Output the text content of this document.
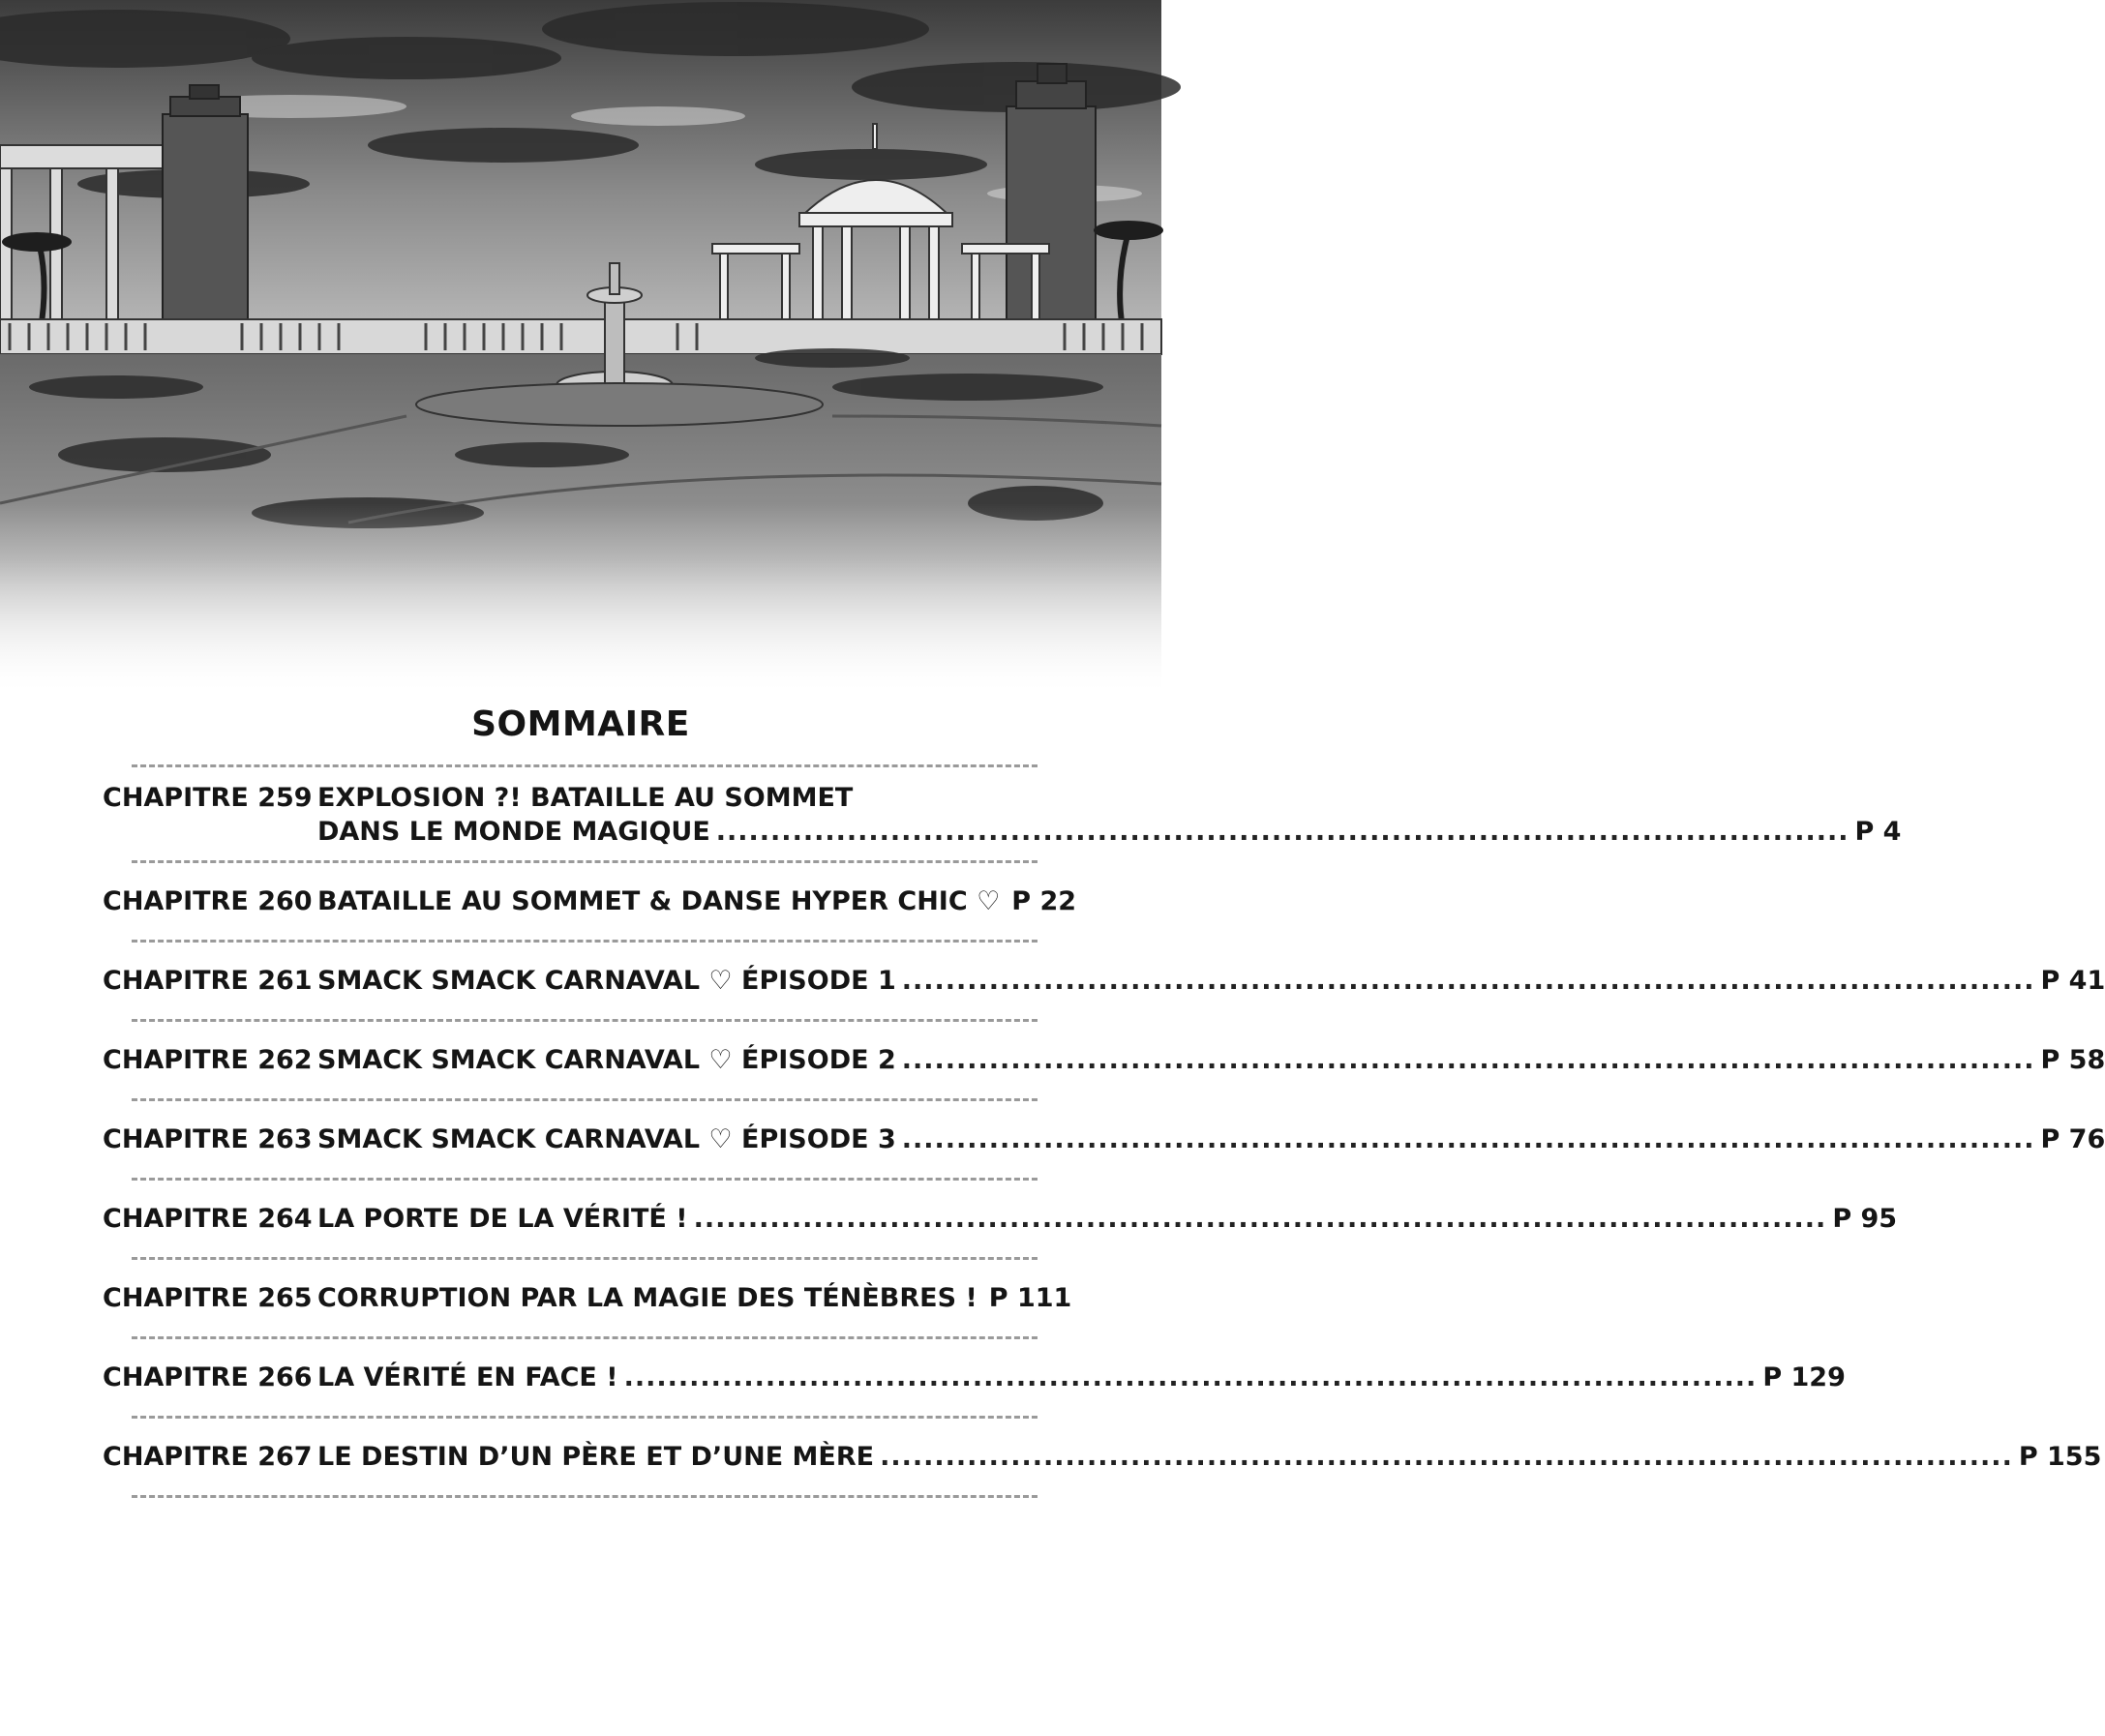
SOMMAIRE
CHAPITRE 259 EXPLOSION ?! BATAILLE AU SOMMET
DANS LE MONDE MAGIQUE ........................................................................................................ P 4
CHAPITRE 260 BATAILLE AU SOMMET & DANSE HYPER CHIC ♡ P 22
CHAPITRE 261 SMACK SMACK CARNAVAL ♡ ÉPISODE 1 ........................................................................................................ P 41
CHAPITRE 262 SMACK SMACK CARNAVAL ♡ ÉPISODE 2 ........................................................................................................ P 58
CHAPITRE 263 SMACK SMACK CARNAVAL ♡ ÉPISODE 3 ........................................................................................................ P 76
CHAPITRE 264 LA PORTE DE LA VÉRITÉ ! ........................................................................................................ P 95
CHAPITRE 265 CORRUPTION PAR LA MAGIE DES TÉNÈBRES ! P 111
CHAPITRE 266 LA VÉRITÉ EN FACE ! ........................................................................................................ P 129
CHAPITRE 267 LE DESTIN D’UN PÈRE ET D’UNE MÈRE ........................................................................................................ P 155
